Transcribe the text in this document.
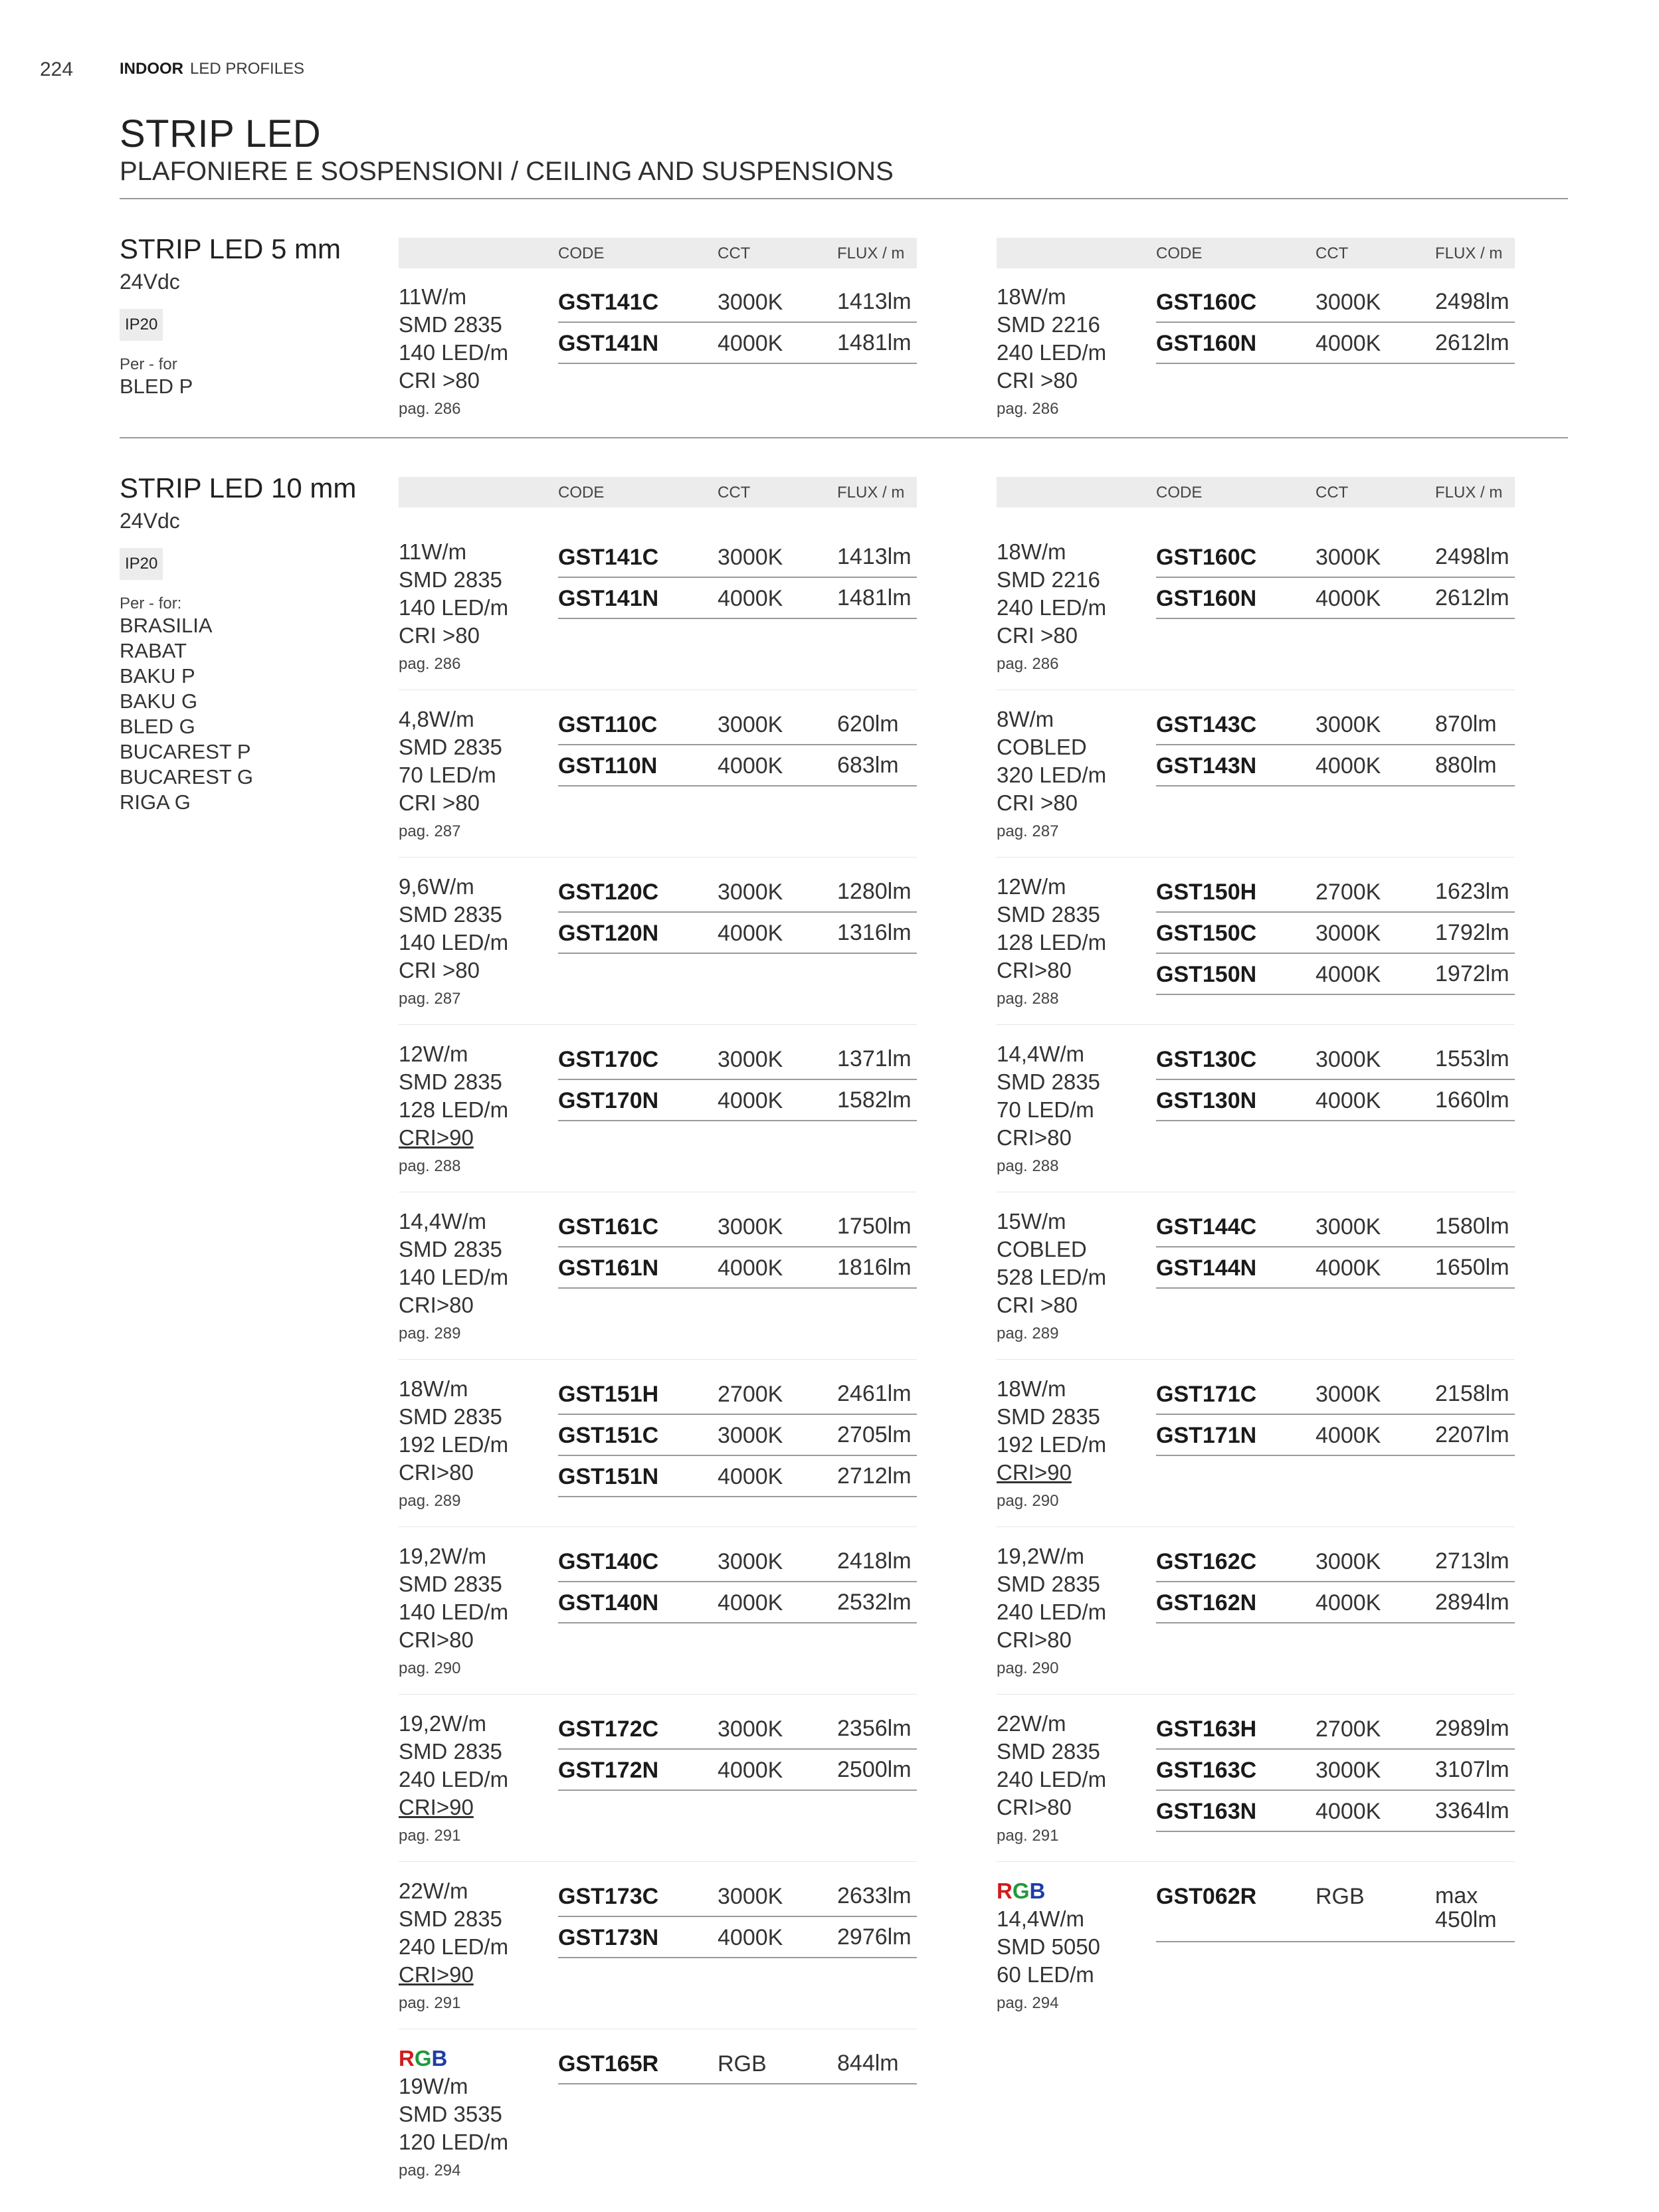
224	INDOOR LED PROFILES
STRIP LED
PLAFONIERE E SOSPENSIONI / CEILING AND SUSPENSIONS
STRIP LED 5 mm
24Vdc
IP20
Per - for
BLED P
STRIP LED 10 mm
24Vdc
IP20
Per - for:
BRASILIA
RABAT
BAKU P
BAKU G
BLED G
BUCAREST P
BUCAREST G
RIGA G
CODE	CCT	FLUX / m	CODE	CCT	FLUX / m
11W/m
SMD 2835
140 LED/m
CRI >80
pag. 286
GST141C	3000K 1413lm
GST141N	4000K 1481lm
18W/m
SMD 2216
240 LED/m
CRI >80
pag. 286
GST160C	3000K 2498lm
GST160N	4000K 2612lm
CODE	CCT	FLUX / m	CODE	CCT	FLUX / m
11W/m
SMD 2835
140 LED/m
CRI >80
pag. 286
GST141C	3000K 1413lm
GST141N	4000K 1481lm
18W/m
SMD 2216
240 LED/m
CRI >80
pag. 286
GST160C	3000K 2498lm
GST160N	4000K 2612lm
4,8W/m
SMD 2835
70 LED/m
CRI >80
pag. 287
GST110C	3000K 620lm
GST110N	4000K 683lm
8W/m
COBLED
320 LED/m
CRI >80
pag. 287
GST143C	3000K 870lm
GST143N	4000K 880lm
9,6W/m
SMD 2835
140 LED/m
CRI >80
pag. 287
GST120C	3000K 1280lm
GST120N	4000K 1316lm
12W/m
SMD 2835
128 LED/m
CRI>80
pag. 288
GST150H	2700K 1623lm
GST150C	3000K 1792lm
GST150N	4000K 1972lm
12W/m
SMD 2835
128 LED/m
CRI>90
pag. 288
GST170C	3000K 1371lm
GST170N	4000K 1582lm
14,4W/m
SMD 2835
70 LED/m
CRI>80
pag. 288
GST130C	3000K 1553lm
GST130N	4000K 1660lm
14,4W/m
SMD 2835
140 LED/m
CRI>80
pag. 289
GST161C	3000K 1750lm
GST161N	4000K 1816lm
15W/m
COBLED
528 LED/m
CRI >80
pag. 289
GST144C	3000K 1580lm
GST144N	4000K 1650lm
18W/m
SMD 2835
192 LED/m
CRI>80
pag. 289
GST151H	2700K 2461lm
GST151C	3000K 2705lm
GST151N	4000K 2712lm
18W/m
SMD 2835
192 LED/m
CRI>90
pag. 290
GST171C	3000K 2158lm
GST171N	4000K 2207lm
19,2W/m
SMD 2835
140 LED/m
CRI>80
pag. 290
GST140C	3000K 2418lm
GST140N	4000K 2532lm
19,2W/m
SMD 2835
240 LED/m
CRI>80
pag. 290
GST162C	3000K 2713lm
GST162N	4000K 2894lm
19,2W/m
SMD 2835
240 LED/m
CRI>90
pag. 291
GST172C	3000K 2356lm
GST172N	4000K 2500lm
22W/m
SMD 2835
240 LED/m
CRI>80
pag. 291
GST163H	2700K 2989lm
GST163C	3000K 3107lm
GST163N	4000K 3364lm
22W/m
SMD 2835
240 LED/m
CRI>90
pag. 291
GST173C	3000K 2633lm
GST173N	4000K 2976lm
RGB
14,4W/m
SMD 5050
60 LED/m
pag. 294
GST062R	RGB	max 450lm
RGB
19W/m
SMD 3535
120 LED/m
pag. 294
GST165R	RGB	844lm
